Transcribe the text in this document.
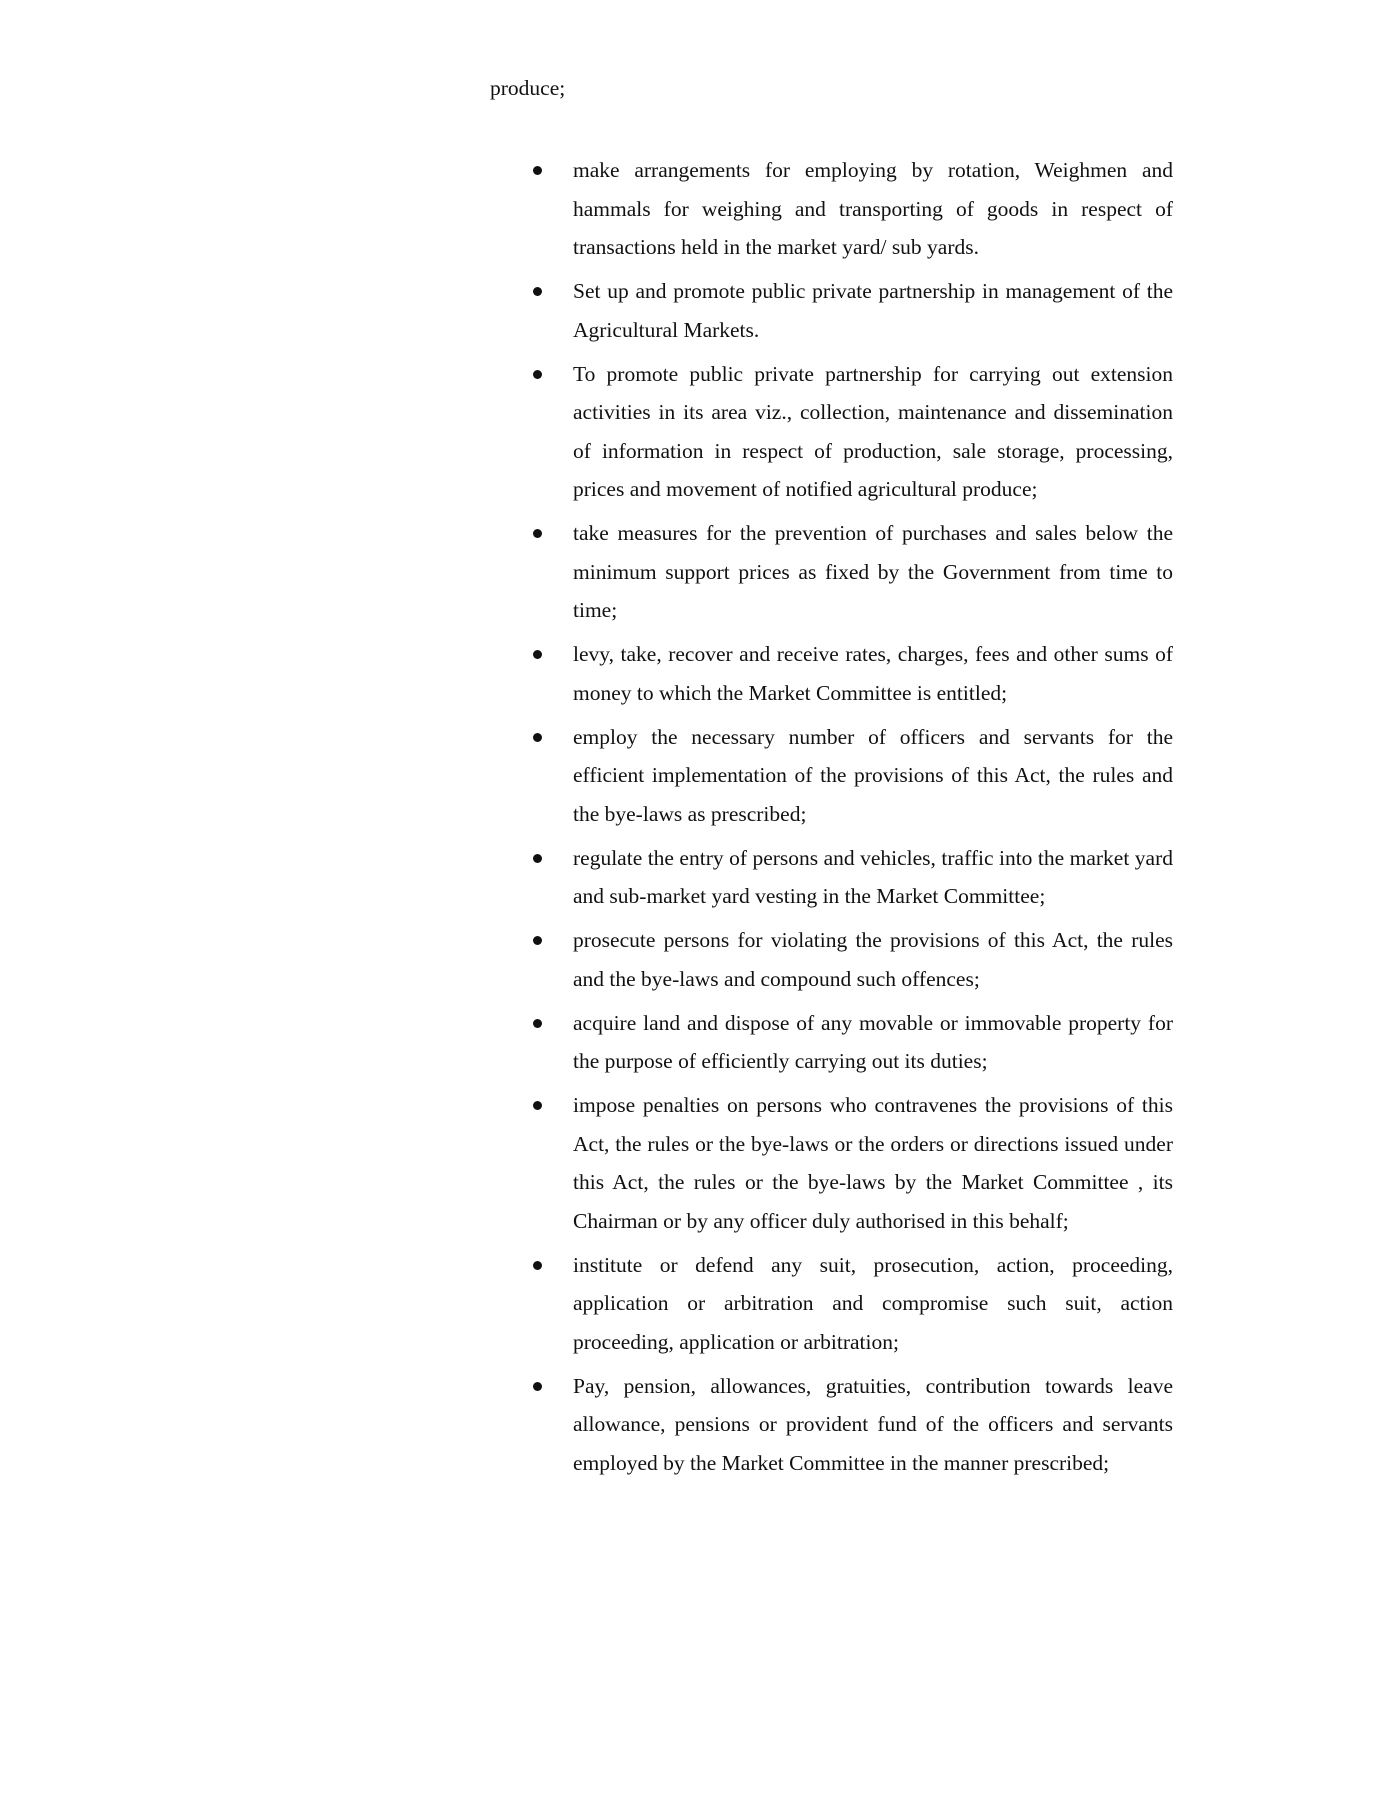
produce;

make arrangements for employing by rotation, Weighmen and hammals for weighing and transporting of goods in respect of transactions held in the market yard/ sub yards.
Set up and promote public private partnership in management of the Agricultural Markets.
To promote public private partnership for carrying out extension activities in its area viz., collection, maintenance and dissemination of information in respect of production, sale storage, processing, prices and movement of notified agricultural produce;
take measures for the prevention of purchases and sales below the minimum support prices as fixed by the Government from time to time;
levy, take, recover and receive rates, charges, fees and other sums of money to which the Market Committee is entitled;
employ the necessary number of officers and servants for the efficient implementation of the provisions of this Act, the rules and the bye-laws as prescribed;
regulate the entry of persons and vehicles, traffic into the market yard and sub-market yard vesting in the Market Committee;
prosecute persons for violating the provisions of this Act, the rules and the bye-laws and compound such offences;
acquire land and dispose of any movable or immovable property for the purpose of efficiently carrying out its duties;
impose penalties on persons who contravenes the provisions of this Act, the rules or the bye-laws or the orders or directions issued under this Act, the rules or the bye-laws by the Market Committee , its Chairman or by any officer duly authorised in this behalf;
institute or defend any suit, prosecution, action, proceeding, application or arbitration and compromise such suit, action proceeding, application or arbitration;
Pay, pension, allowances, gratuities, contribution towards leave allowance, pensions or provident fund of the officers and servants employed by the Market Committee in the manner prescribed;
